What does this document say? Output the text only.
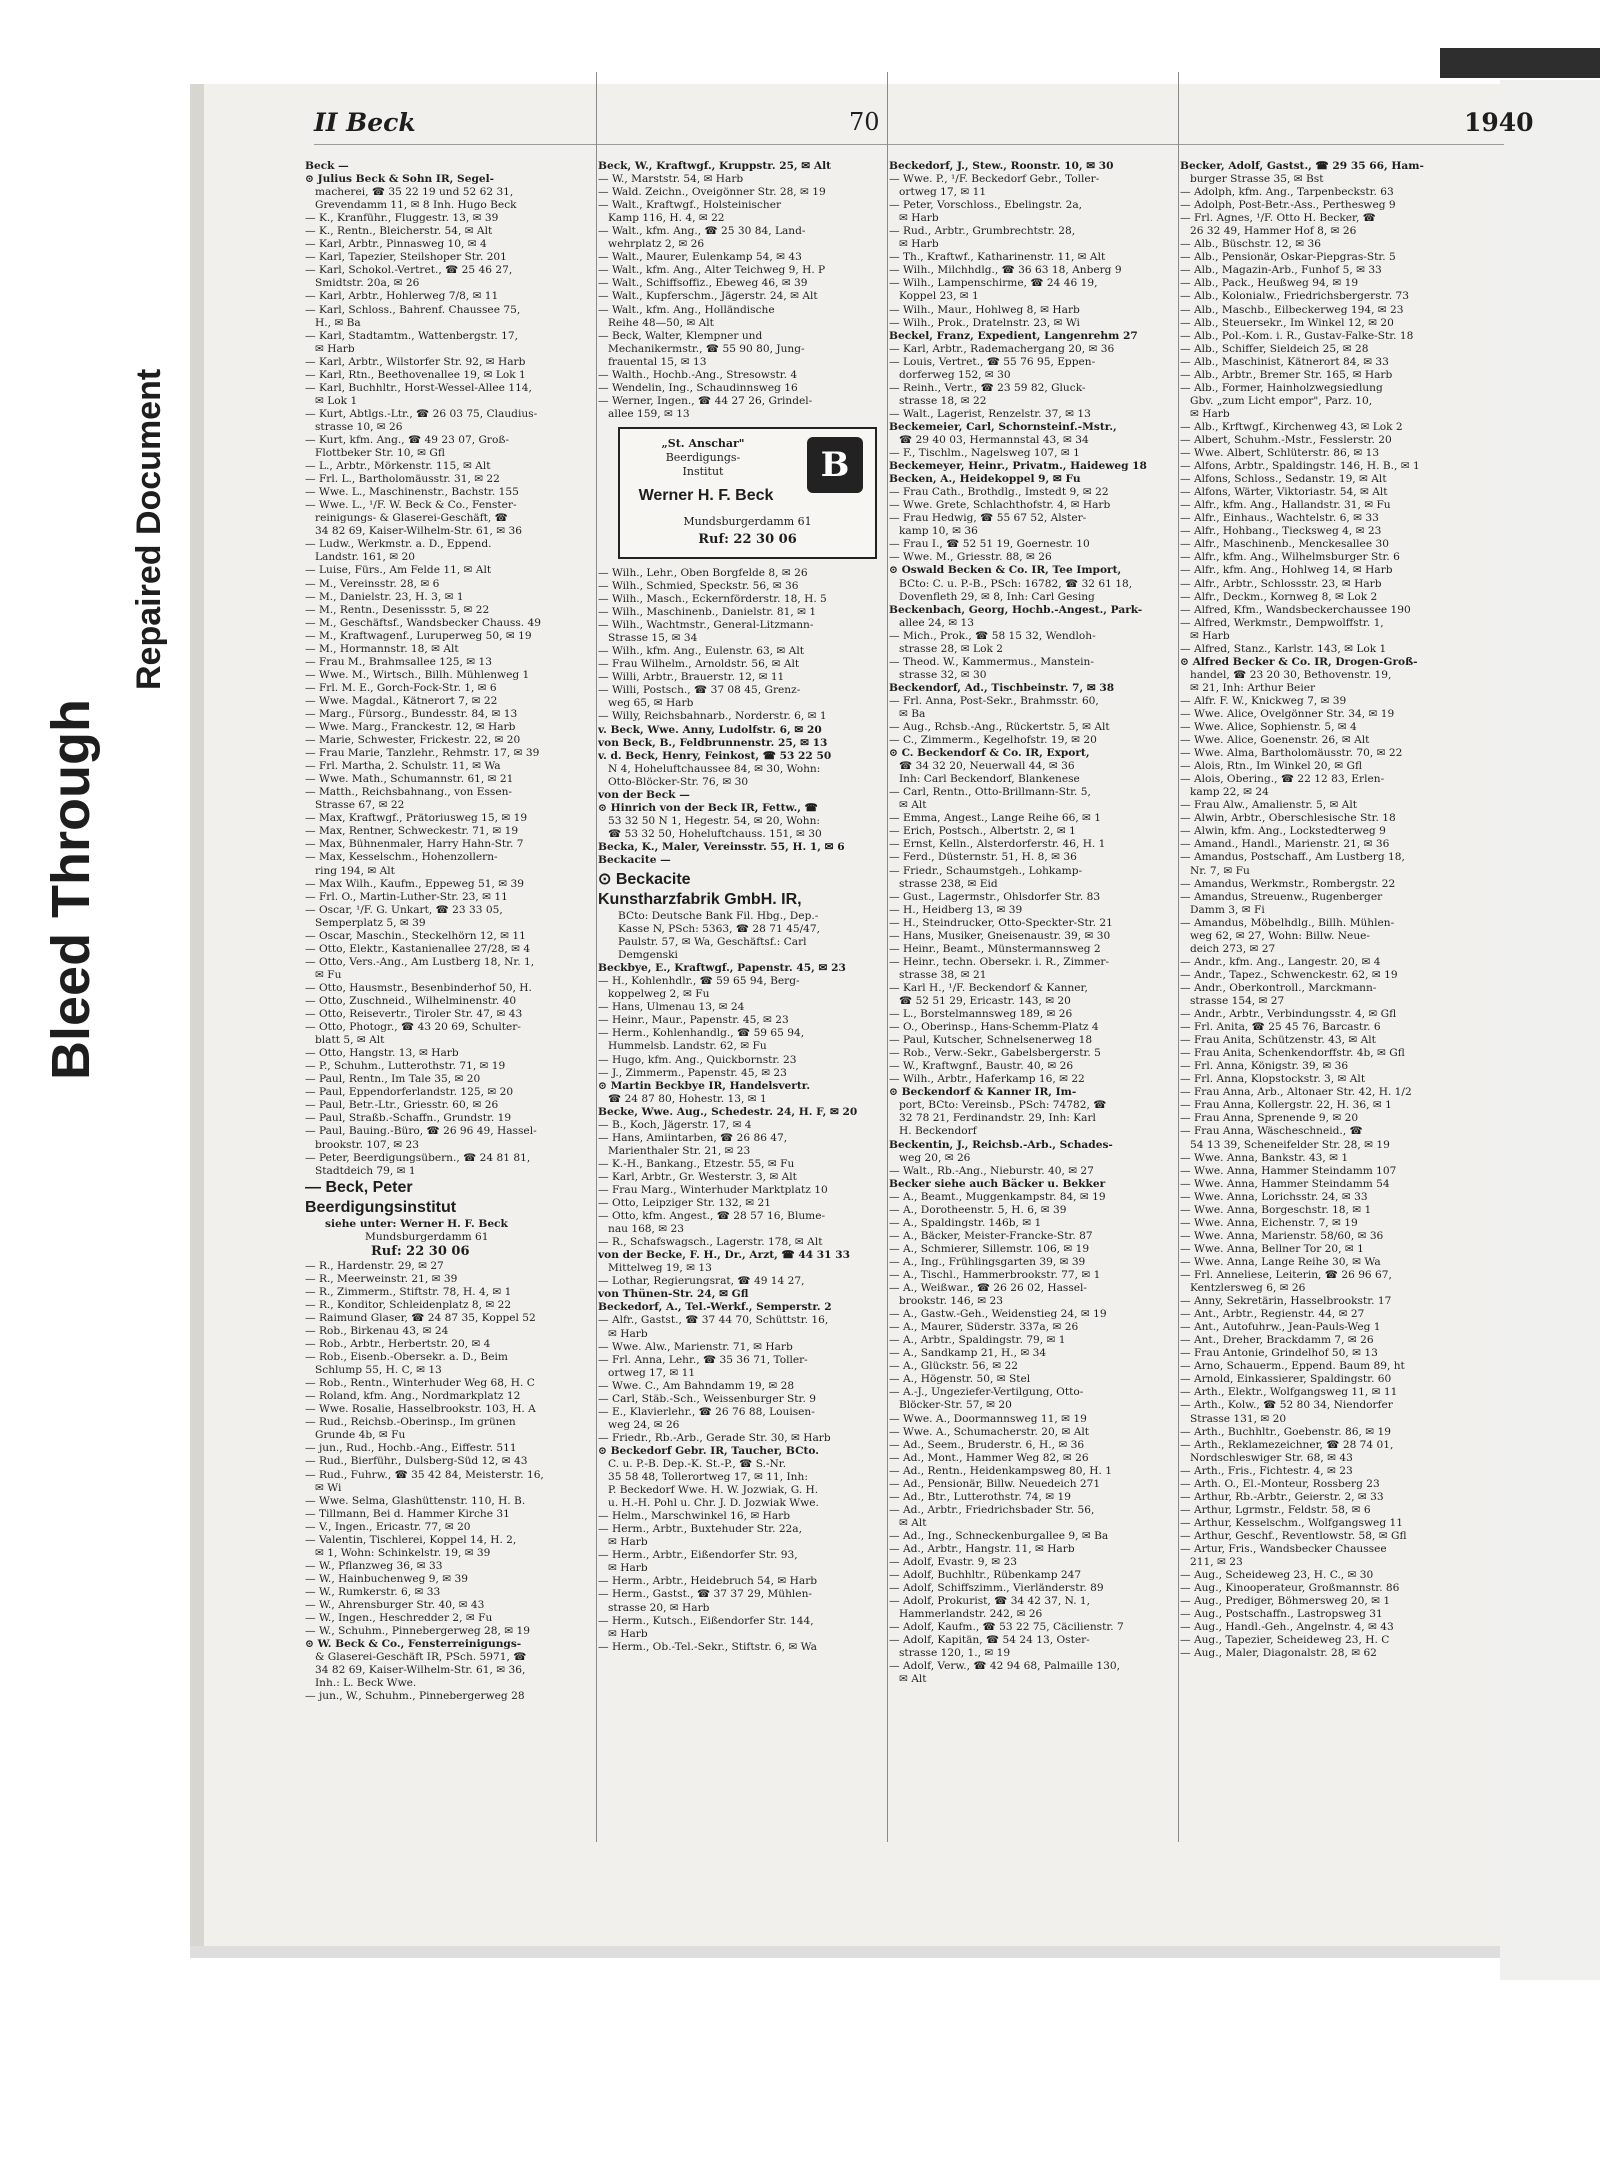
Bleed Through
Repaired Document
II Beck	70	1940
Beck —
⊙ Julius Beck & Sohn IR, Segel-
macherei, ☎ 35 22 19 und 52 62 31,
Grevendamm 11, ✉ 8 Inh. Hugo Beck
— K., Kranführ., Fluggestr. 13, ✉ 39
— K., Rentn., Bleicherstr. 54, ✉ Alt
— Karl, Arbtr., Pinnasweg 10, ✉ 4
— Karl, Tapezier, Steilshoper Str. 201
— Karl, Schokol.-Vertret., ☎ 25 46 27,
Smidtstr. 20a, ✉ 26
— Karl, Arbtr., Hohlerweg 7/8, ✉ 11
— Karl, Schloss., Bahrenf. Chaussee 75,
H., ✉ Ba
— Karl, Stadtamtm., Wattenbergstr. 17,
✉ Harb
— Karl, Arbtr., Wilstorfer Str. 92, ✉ Harb
— Karl, Rtn., Beethovenallee 19, ✉ Lok 1
— Karl, Buchhltr., Horst-Wessel-Allee 114,
✉ Lok 1
— Kurt, Abtlgs.-Ltr., ☎ 26 03 75, Claudius-
strasse 10, ✉ 26
— Kurt, kfm. Ang., ☎ 49 23 07, Groß-
Flottbeker Str. 10, ✉ Gfl
— L., Arbtr., Mörkenstr. 115, ✉ Alt
— Frl. L., Bartholomäusstr. 31, ✉ 22
— Wwe. L., Maschinenstr., Bachstr. 155
— Wwe. L., ¹/F. W. Beck & Co., Fenster-
reinigungs- & Glaserei-Geschäft, ☎
34 82 69, Kaiser-Wilhelm-Str. 61, ✉ 36
— Ludw., Werkmstr. a. D., Eppend.
Landstr. 161, ✉ 20
— Luise, Fürs., Am Felde 11, ✉ Alt
— M., Vereinsstr. 28, ✉ 6
— M., Danielstr. 23, H. 3, ✉ 1
— M., Rentn., Desenissstr. 5, ✉ 22
— M., Geschäftsf., Wandsbecker Chauss. 49
— M., Kraftwagenf., Luruperweg 50, ✉ 19
— M., Hormannstr. 18, ✉ Alt
— Frau M., Brahmsallee 125, ✉ 13
— Wwe. M., Wirtsch., Billh. Mühlenweg 1
— Frl. M. E., Gorch-Fock-Str. 1, ✉ 6
— Wwe. Magdal., Kätnerort 7, ✉ 22
— Marg., Fürsorg., Bundesstr. 84, ✉ 13
— Wwe. Marg., Franckestr. 12, ✉ Harb
— Marie, Schwester, Frickestr. 22, ✉ 20
— Frau Marie, Tanzlehr., Rehmstr. 17, ✉ 39
— Frl. Martha, 2. Schulstr. 11, ✉ Wa
— Wwe. Math., Schumannstr. 61, ✉ 21
— Matth., Reichsbahnang., von Essen-
Strasse 67, ✉ 22
— Max, Kraftwgf., Prätoriusweg 15, ✉ 19
— Max, Rentner, Schweckestr. 71, ✉ 19
— Max, Bühnenmaler, Harry Hahn-Str. 7
— Max, Kesselschm., Hohenzollern-
ring 194, ✉ Alt
— Max Wilh., Kaufm., Eppeweg 51, ✉ 39
— Frl. O., Martin-Luther-Str. 23, ✉ 11
— Oscar, ¹/F. G. Unkart, ☎ 23 33 05,
Semperplatz 5, ✉ 39
— Oscar, Maschin., Steckelhörn 12, ✉ 11
— Otto, Elektr., Kastanienallee 27/28, ✉ 4
— Otto, Vers.-Ang., Am Lustberg 18, Nr. 1,
✉ Fu
— Otto, Hausmstr., Besenbinderhof 50, H.
— Otto, Zuschneid., Wilhelminenstr. 40
— Otto, Reisevertr., Tiroler Str. 47, ✉ 43
— Otto, Photogr., ☎ 43 20 69, Schulter-
blatt 5, ✉ Alt
— Otto, Hangstr. 13, ✉ Harb
— P., Schuhm., Lutterothstr. 71, ✉ 19
— Paul, Rentn., Im Tale 35, ✉ 20
— Paul, Eppendorferlandstr. 125, ✉ 20
— Paul, Betr.-Ltr., Griesstr. 60, ✉ 26
— Paul, Straßb.-Schaffn., Grundstr. 19
— Paul, Bauing.-Büro, ☎ 26 96 49, Hassel-
brookstr. 107, ✉ 23
— Peter, Beerdigungsübern., ☎ 24 81 81,
Stadtdeich 79, ✉ 1
— Beck, Peter
Beerdigungsinstitut
siehe unter: Werner H. F. Beck
Mundsburgerdamm 61
Ruf: 22 30 06
— R., Hardenstr. 29, ✉ 27
— R., Meerweinstr. 21, ✉ 39
— R., Zimmerm., Stiftstr. 78, H. 4, ✉ 1
— R., Konditor, Schleidenplatz 8, ✉ 22
— Raimund Glaser, ☎ 24 87 35, Koppel 52
— Rob., Birkenau 43, ✉ 24
— Rob., Arbtr., Herbertstr. 20, ✉ 4
— Rob., Eisenb.-Obersekr. a. D., Beim
Schlump 55, H. C, ✉ 13
— Rob., Rentn., Winterhuder Weg 68, H. C
— Roland, kfm. Ang., Nordmarkplatz 12
— Wwe. Rosalie, Hasselbrookstr. 103, H. A
— Rud., Reichsb.-Oberinsp., Im grünen
Grunde 4b, ✉ Fu
— jun., Rud., Hochb.-Ang., Eiffestr. 511
— Rud., Bierführ., Dulsberg-Süd 12, ✉ 43
— Rud., Fuhrw., ☎ 35 42 84, Meisterstr. 16,
✉ Wi
— Wwe. Selma, Glashüttenstr. 110, H. B.
— Tillmann, Bei d. Hammer Kirche 31
— V., Ingen., Ericastr. 77, ✉ 20
— Valentin, Tischlerei, Koppel 14, H. 2,
✉ 1, Wohn: Schinkelstr. 19, ✉ 39
— W., Pflanzweg 36, ✉ 33
— W., Hainbuchenweg 9, ✉ 39
— W., Rumkerstr. 6, ✉ 33
— W., Ahrensburger Str. 40, ✉ 43
— W., Ingen., Heschredder 2, ✉ Fu
— W., Schuhm., Pinnebergerweg 28, ✉ 19
⊙ W. Beck & Co., Fensterreinigungs-
& Glaserei-Geschäft IR, PSch. 5971, ☎
34 82 69, Kaiser-Wilhelm-Str. 61, ✉ 36,
Inh.: L. Beck Wwe.
— jun., W., Schuhm., Pinnebergerweg 28
Beck, W., Kraftwgf., Kruppstr. 25, ✉ Alt
— W., Marststr. 54, ✉ Harb
— Wald. Zeichn., Oveigönner Str. 28, ✉ 19
— Walt., Kraftwgf., Holsteinischer
Kamp 116, H. 4, ✉ 22
— Walt., kfm. Ang., ☎ 25 30 84, Land-
wehrplatz 2, ✉ 26
— Walt., Maurer, Eulenkamp 54, ✉ 43
— Walt., kfm. Ang., Alter Teichweg 9, H. P
— Walt., Schiffsoffiz., Ebeweg 46, ✉ 39
— Walt., Kupferschm., Jägerstr. 24, ✉ Alt
— Walt., kfm. Ang., Holländische
Reihe 48—50, ✉ Alt
— Beck, Walter, Klempner und
Mechanikermstr., ☎ 55 90 80, Jung-
frauental 15, ✉ 13
— Walth., Hochb.-Ang., Stresowstr. 4
— Wendelin, Ing., Schaudinnsweg 16
— Werner, Ingen., ☎ 44 27 26, Grindel-
allee 159, ✉ 13
„St. Anschar"
Beerdigungs-
Institut
Werner H. F. Beck
B
Mundsburgerdamm 61
Ruf: 22 30 06
— Wilh., Lehr., Oben Borgfelde 8, ✉ 26
— Wilh., Schmied, Speckstr. 56, ✉ 36
— Wilh., Masch., Eckernförderstr. 18, H. 5
— Wilh., Maschinenb., Danielstr. 81, ✉ 1
— Wilh., Wachtmstr., General-Litzmann-
Strasse 15, ✉ 34
— Wilh., kfm. Ang., Eulenstr. 63, ✉ Alt
— Frau Wilhelm., Arnoldstr. 56, ✉ Alt
— Willi, Arbtr., Brauerstr. 12, ✉ 11
— Willi, Postsch., ☎ 37 08 45, Grenz-
weg 65, ✉ Harb
— Willy, Reichsbahnarb., Norderstr. 6, ✉ 1
v. Beck, Wwe. Anny, Ludolfstr. 6, ✉ 20
von Beck, B., Feldbrunnenstr. 25, ✉ 13
v. d. Beck, Henry, Feinkost, ☎ 53 22 50
N 4, Hoheluftchaussee 84, ✉ 30, Wohn:
Otto-Blöcker-Str. 76, ✉ 30
von der Beck —
⊙ Hinrich von der Beck IR, Fettw., ☎
53 32 50 N 1, Hegestr. 54, ✉ 20, Wohn:
☎ 53 32 50, Hoheluftchauss. 151, ✉ 30
Becka, K., Maler, Vereinsstr. 55, H. 1, ✉ 6
Beckacite —
⊙ Beckacite
Kunstharzfabrik GmbH. IR,
BCto: Deutsche Bank Fil. Hbg., Dep.-
Kasse N, PSch: 5363, ☎ 28 71 45/47,
Paulstr. 57, ✉ Wa, Geschäftsf.: Carl
Demgenski
Beckbye, E., Kraftwgf., Papenstr. 45, ✉ 23
— H., Kohlenhdlr., ☎ 59 65 94, Berg-
koppelweg 2, ✉ Fu
— Hans, Ulmenau 13, ✉ 24
— Heinr., Maur., Papenstr. 45, ✉ 23
— Herm., Kohlenhandlg., ☎ 59 65 94,
Hummelsb. Landstr. 62, ✉ Fu
— Hugo, kfm. Ang., Quickbornstr. 23
— J., Zimmerm., Papenstr. 45, ✉ 23
⊙ Martin Beckbye IR, Handelsvertr.
☎ 24 87 80, Hohestr. 13, ✉ 1
Becke, Wwe. Aug., Schedestr. 24, H. F, ✉ 20
— B., Koch, Jägerstr. 17, ✉ 4
— Hans, Amiintarben, ☎ 26 86 47,
Marienthaler Str. 21, ✉ 23
— K.-H., Bankang., Etzestr. 55, ✉ Fu
— Karl, Arbtr., Gr. Westerstr. 3, ✉ Alt
— Frau Marg., Winterhuder Marktplatz 10
— Otto, Leipziger Str. 132, ✉ 21
— Otto, kfm. Angest., ☎ 28 57 16, Blume-
nau 168, ✉ 23
— R., Schafswagsch., Lagerstr. 178, ✉ Alt
von der Becke, F. H., Dr., Arzt, ☎ 44 31 33
Mittelweg 19, ✉ 13
— Lothar, Regierungsrat, ☎ 49 14 27,
von Thünen-Str. 24, ✉ Gfl
Beckedorf, A., Tel.-Werkf., Semperstr. 2
— Alfr., Gastst., ☎ 37 44 70, Schüttstr. 16,
✉ Harb
— Wwe. Alw., Marienstr. 71, ✉ Harb
— Frl. Anna, Lehr., ☎ 35 36 71, Toller-
ortweg 17, ✉ 11
— Wwe. C., Am Bahndamm 19, ✉ 28
— Carl, Stäb.-Sch., Weissenburger Str. 9
— E., Klavierlehr., ☎ 26 76 88, Louisen-
weg 24, ✉ 26
— Friedr., Rb.-Arb., Gerade Str. 30, ✉ Harb
⊙ Beckedorf Gebr. IR, Taucher, BCto.
C. u. P.-B. Dep.-K. St.-P., ☎ S.-Nr.
35 58 48, Tollerortweg 17, ✉ 11, Inh:
P. Beckedorf Wwe. H. W. Jozwiak, G. H.
u. H.-H. Pohl u. Chr. J. D. Jozwiak Wwe.
— Helm., Marschwinkel 16, ✉ Harb
— Herm., Arbtr., Buxtehuder Str. 22a,
✉ Harb
— Herm., Arbtr., Eißendorfer Str. 93,
✉ Harb
— Herm., Arbtr., Heidebruch 54, ✉ Harb
— Herm., Gastst., ☎ 37 37 29, Mühlen-
strasse 20, ✉ Harb
— Herm., Kutsch., Eißendorfer Str. 144,
✉ Harb
— Herm., Ob.-Tel.-Sekr., Stiftstr. 6, ✉ Wa
Beckedorf, J., Stew., Roonstr. 10, ✉ 30
— Wwe. P., ¹/F. Beckedorf Gebr., Toller-
ortweg 17, ✉ 11
— Peter, Vorschloss., Ebelingstr. 2a,
✉ Harb
— Rud., Arbtr., Grumbrechtstr. 28,
✉ Harb
— Th., Kraftwf., Katharinenstr. 11, ✉ Alt
— Wilh., Milchhdlg., ☎ 36 63 18, Anberg 9
— Wilh., Lampenschirme, ☎ 24 46 19,
Koppel 23, ✉ 1
— Wilh., Maur., Hohlweg 8, ✉ Harb
— Wilh., Prok., Dratelnstr. 23, ✉ Wi
Beckel, Franz, Expedient, Langenrehm 27
— Karl, Arbtr., Rademachergang 20, ✉ 36
— Louis, Vertret., ☎ 55 76 95, Eppen-
dorferweg 152, ✉ 30
— Reinh., Vertr., ☎ 23 59 82, Gluck-
strasse 18, ✉ 22
— Walt., Lagerist, Renzelstr. 37, ✉ 13
Beckemeier, Carl, Schornsteinf.-Mstr.,
☎ 29 40 03, Hermannstal 43, ✉ 34
— F., Tischlm., Nagelsweg 107, ✉ 1
Beckemeyer, Heinr., Privatm., Haideweg 18
Becken, A., Heidekoppel 9, ✉ Fu
— Frau Cath., Brothdlg., Imstedt 9, ✉ 22
— Wwe. Grete, Schlachthofstr. 4, ✉ Harb
— Frau Hedwig, ☎ 55 67 52, Alster-
kamp 10, ✉ 36
— Frau I., ☎ 52 51 19, Goernestr. 10
— Wwe. M., Griesstr. 88, ✉ 26
⊙ Oswald Becken & Co. IR, Tee Import,
BCto: C. u. P.-B., PSch: 16782, ☎ 32 61 18,
Dovenfleth 29, ✉ 8, Inh: Carl Gesing
Beckenbach, Georg, Hochb.-Angest., Park-
allee 24, ✉ 13
— Mich., Prok., ☎ 58 15 32, Wendloh-
strasse 28, ✉ Lok 2
— Theod. W., Kammermus., Manstein-
strasse 32, ✉ 30
Beckendorf, Ad., Tischbeinstr. 7, ✉ 38
— Frl. Anna, Post-Sekr., Brahmsstr. 60,
✉ Ba
— Aug., Rchsb.-Ang., Rückertstr. 5, ✉ Alt
— C., Zimmerm., Kegelhofstr. 19, ✉ 20
⊙ C. Beckendorf & Co. IR, Export,
☎ 34 32 20, Neuerwall 44, ✉ 36
Inh: Carl Beckendorf, Blankenese
— Carl, Rentn., Otto-Brillmann-Str. 5,
✉ Alt
— Emma, Angest., Lange Reihe 66, ✉ 1
— Erich, Postsch., Albertstr. 2, ✉ 1
— Ernst, Kelln., Alsterdorferstr. 46, H. 1
— Ferd., Düsternstr. 51, H. 8, ✉ 36
— Friedr., Schaumstgeh., Lohkamp-
strasse 238, ✉ Eid
— Gust., Lagermstr., Ohlsdorfer Str. 83
— H., Heidberg 13, ✉ 39
— H., Steindrucker, Otto-Speckter-Str. 21
— Hans, Musiker, Gneisenaustr. 39, ✉ 30
— Heinr., Beamt., Münstermannsweg 2
— Heinr., techn. Obersekr. i. R., Zimmer-
strasse 38, ✉ 21
— Karl H., ¹/F. Beckendorf & Kanner,
☎ 52 51 29, Ericastr. 143, ✉ 20
— L., Borstelmannsweg 189, ✉ 26
— O., Oberinsp., Hans-Schemm-Platz 4
— Paul, Kutscher, Schnelsenerweg 18
— Rob., Verw.-Sekr., Gabelsbergerstr. 5
— W., Kraftwgnf., Baustr. 40, ✉ 26
— Wilh., Arbtr., Haferkamp 16, ✉ 22
⊙ Beckendorf & Kanner IR, Im-
port, BCto: Vereinsb., PSch: 74782, ☎
32 78 21, Ferdinandstr. 29, Inh: Karl
H. Beckendorf
Beckentin, J., Reichsb.-Arb., Schades-
weg 20, ✉ 26
— Walt., Rb.-Ang., Nieburstr. 40, ✉ 27
Becker siehe auch Bäcker u. Bekker
— A., Beamt., Muggenkampstr. 84, ✉ 19
— A., Dorotheenstr. 5, H. 6, ✉ 39
— A., Spaldingstr. 146b, ✉ 1
— A., Bäcker, Meister-Francke-Str. 87
— A., Schmierer, Sillemstr. 106, ✉ 19
— A., Ing., Frühlingsgarten 39, ✉ 39
— A., Tischl., Hammerbrookstr. 77, ✉ 1
— A., Weißwar., ☎ 26 26 02, Hassel-
brookstr. 146, ✉ 23
— A., Gastw.-Geh., Weidenstieg 24, ✉ 19
— A., Maurer, Süderstr. 337a, ✉ 26
— A., Arbtr., Spaldingstr. 79, ✉ 1
— A., Sandkamp 21, H., ✉ 34
— A., Glückstr. 56, ✉ 22
— A., Högenstr. 50, ✉ Stel
— A.-J., Ungeziefer-Vertilgung, Otto-
Blöcker-Str. 57, ✉ 20
— Wwe. A., Doormannsweg 11, ✉ 19
— Wwe. A., Schumacherstr. 20, ✉ Alt
— Ad., Seem., Bruderstr. 6, H., ✉ 36
— Ad., Mont., Hammer Weg 82, ✉ 26
— Ad., Rentn., Heidenkampsweg 80, H. 1
— Ad., Pensionär, Billw. Neuedeich 271
— Ad., Btr., Lutterothstr. 74, ✉ 19
— Ad., Arbtr., Friedrichsbader Str. 56,
✉ Alt
— Ad., Ing., Schneckenburgallee 9, ✉ Ba
— Ad., Arbtr., Hangstr. 11, ✉ Harb
— Adolf, Evastr. 9, ✉ 23
— Adolf, Buchhltr., Rübenkamp 247
— Adolf, Schiffszimm., Vierländerstr. 89
— Adolf, Prokurist, ☎ 34 42 37, N. 1,
Hammerlandstr. 242, ✉ 26
— Adolf, Kaufm., ☎ 53 22 75, Cäcilienstr. 7
— Adolf, Kapitän, ☎ 54 24 13, Oster-
strasse 120, 1., ✉ 19
— Adolf, Verw., ☎ 42 94 68, Palmaille 130,
✉ Alt
Becker, Adolf, Gastst., ☎ 29 35 66, Ham-
burger Strasse 35, ✉ Bst
— Adolph, kfm. Ang., Tarpenbeckstr. 63
— Adolph, Post-Betr.-Ass., Perthesweg 9
— Frl. Agnes, ¹/F. Otto H. Becker, ☎
26 32 49, Hammer Hof 8, ✉ 26
— Alb., Büschstr. 12, ✉ 36
— Alb., Pensionär, Oskar-Piepgras-Str. 5
— Alb., Magazin-Arb., Funhof 5, ✉ 33
— Alb., Pack., Heußweg 94, ✉ 19
— Alb., Kolonialw., Friedrichsbergerstr. 73
— Alb., Maschb., Eilbeckerweg 194, ✉ 23
— Alb., Steuersekr., Im Winkel 12, ✉ 20
— Alb., Pol.-Kom. i. R., Gustav-Falke-Str. 18
— Alb., Schiffer, Sieldeich 25, ✉ 28
— Alb., Maschinist, Kätnerort 84, ✉ 33
— Alb., Arbtr., Bremer Str. 165, ✉ Harb
— Alb., Former, Hainholzwegsiedlung
Gbv. „zum Licht empor", Parz. 10,
✉ Harb
— Alb., Krftwgf., Kirchenweg 43, ✉ Lok 2
— Albert, Schuhm.-Mstr., Fesslerstr. 20
— Wwe. Albert, Schlüterstr. 86, ✉ 13
— Alfons, Arbtr., Spaldingstr. 146, H. B., ✉ 1
— Alfons, Schloss., Sedanstr. 19, ✉ Alt
— Alfons, Wärter, Viktoriastr. 54, ✉ Alt
— Alfr., kfm. Ang., Hallandstr. 31, ✉ Fu
— Alfr., Einhaus., Wachtelstr. 6, ✉ 33
— Alfr., Hohbang., Tiecksweg 4, ✉ 23
— Alfr., Maschinenb., Menckesallee 30
— Alfr., kfm. Ang., Wilhelmsburger Str. 6
— Alfr., kfm. Ang., Hohlweg 14, ✉ Harb
— Alfr., Arbtr., Schlossstr. 23, ✉ Harb
— Alfr., Deckm., Kornweg 8, ✉ Lok 2
— Alfred, Kfm., Wandsbeckerchaussee 190
— Alfred, Werkmstr., Dempwolffstr. 1,
✉ Harb
— Alfred, Stanz., Karlstr. 143, ✉ Lok 1
⊙ Alfred Becker & Co. IR, Drogen-Groß-
handel, ☎ 23 20 30, Bethovenstr. 19,
✉ 21, Inh: Arthur Beier
— Alfr. F. W., Knickweg 7, ✉ 39
— Wwe. Alice, Ovelgönner Str. 34, ✉ 19
— Wwe. Alice, Sophienstr. 5, ✉ 4
— Wwe. Alice, Goenenstr. 26, ✉ Alt
— Wwe. Alma, Bartholomäusstr. 70, ✉ 22
— Alois, Rtn., Im Winkel 20, ✉ Gfl
— Alois, Obering., ☎ 22 12 83, Erlen-
kamp 22, ✉ 24
— Frau Alw., Amalienstr. 5, ✉ Alt
— Alwin, Arbtr., Oberschlesische Str. 18
— Alwin, kfm. Ang., Lockstedterweg 9
— Amand., Handl., Marienstr. 21, ✉ 36
— Amandus, Postschaff., Am Lustberg 18,
Nr. 7, ✉ Fu
— Amandus, Werkmstr., Rombergstr. 22
— Amandus, Streuenw., Rugenberger
Damm 3, ✉ Fi
— Amandus, Möbelhdlg., Billh. Mühlen-
weg 62, ✉ 27, Wohn: Billw. Neue-
deich 273, ✉ 27
— Andr., kfm. Ang., Langestr. 20, ✉ 4
— Andr., Tapez., Schwenckestr. 62, ✉ 19
— Andr., Oberkontroll., Marckmann-
strasse 154, ✉ 27
— Andr., Arbtr., Verbindungsstr. 4, ✉ Gfl
— Frl. Anita, ☎ 25 45 76, Barcastr. 6
— Frau Anita, Schützenstr. 43, ✉ Alt
— Frau Anita, Schenkendorffstr. 4b, ✉ Gfl
— Frl. Anna, Königstr. 39, ✉ 36
— Frl. Anna, Klopstockstr. 3, ✉ Alt
— Frau Anna, Arb., Altonaer Str. 42, H. 1/2
— Frau Anna, Kollergstr. 22, H. 36, ✉ 1
— Frau Anna, Sprenende 9, ✉ 20
— Frau Anna, Wäscheschneid., ☎
54 13 39, Scheneifelder Str. 28, ✉ 19
— Wwe. Anna, Bankstr. 43, ✉ 1
— Wwe. Anna, Hammer Steindamm 107
— Wwe. Anna, Hammer Steindamm 54
— Wwe. Anna, Lorichsstr. 24, ✉ 33
— Wwe. Anna, Borgeschstr. 18, ✉ 1
— Wwe. Anna, Eichenstr. 7, ✉ 19
— Wwe. Anna, Marienstr. 58/60, ✉ 36
— Wwe. Anna, Bellner Tor 20, ✉ 1
— Wwe. Anna, Lange Reihe 30, ✉ Wa
— Frl. Anneliese, Leiterin, ☎ 26 96 67,
Kentzlersweg 6, ✉ 26
— Anny, Sekretärin, Hasselbrookstr. 17
— Ant., Arbtr., Regienstr. 44, ✉ 27
— Ant., Autofuhrw., Jean-Pauls-Weg 1
— Ant., Dreher, Brackdamm 7, ✉ 26
— Frau Antonie, Grindelhof 50, ✉ 13
— Arno, Schauerm., Eppend. Baum 89, ht
— Arnold, Einkassierer, Spaldingstr. 60
— Arth., Elektr., Wolfgangsweg 11, ✉ 11
— Arth., Kolw., ☎ 52 80 34, Niendorfer
Strasse 131, ✉ 20
— Arth., Buchhltr., Goebenstr. 86, ✉ 19
— Arth., Reklamezeichner, ☎ 28 74 01,
Nordschleswiger Str. 68, ✉ 43
— Arth., Fris., Fichtestr. 4, ✉ 23
— Arth. O., El.-Monteur, Rossberg 23
— Arthur, Rb.-Arbtr., Geierstr. 2, ✉ 33
— Arthur, Lgrmstr., Feldstr. 58, ✉ 6
— Arthur, Kesselschm., Wolfgangsweg 11
— Arthur, Geschf., Reventlowstr. 58, ✉ Gfl
— Artur, Fris., Wandsbecker Chaussee
211, ✉ 23
— Aug., Scheideweg 23, H. C., ✉ 30
— Aug., Kinooperateur, Großmannstr. 86
— Aug., Prediger, Böhmersweg 20, ✉ 1
— Aug., Postschaffn., Lastropsweg 31
— Aug., Handl.-Geh., Angelnstr. 4, ✉ 43
— Aug., Tapezier, Scheideweg 23, H. C
— Aug., Maler, Diagonalstr. 28, ✉ 62
